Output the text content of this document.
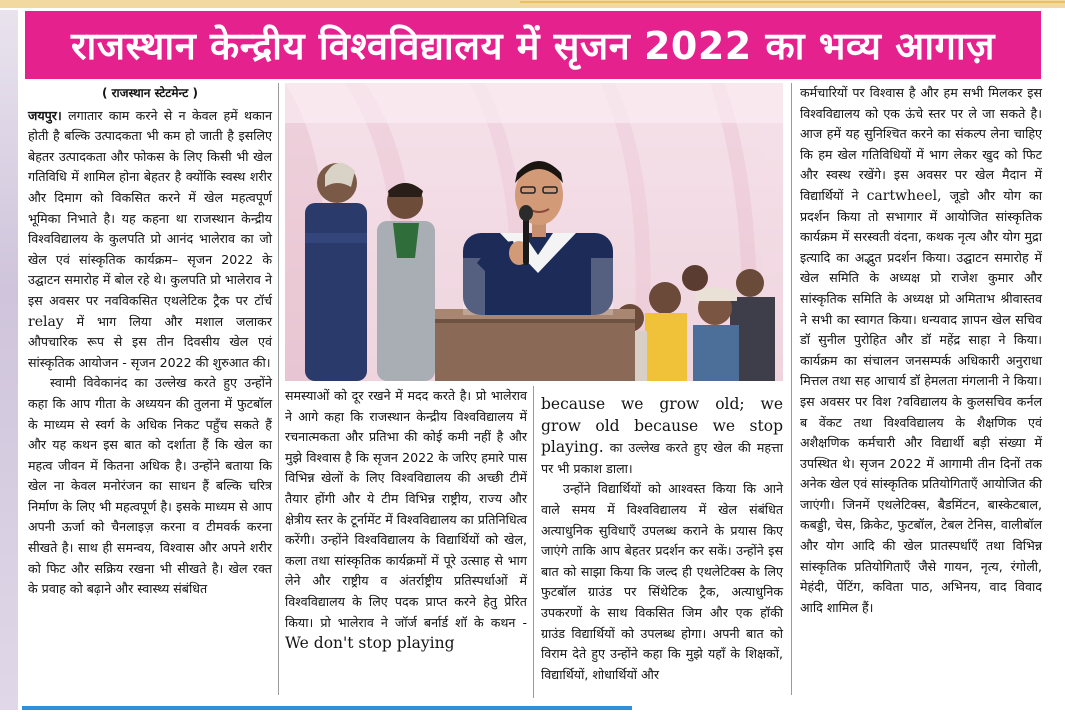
राजस्थान केन्द्रीय विश्वविद्यालय में सृजन 2022 का भव्य आगाज़
( राजस्थान स्टेटमेन्ट )

जयपुर। लगातार काम करने से न केवल हमें थकान होती है बल्कि उत्पादकता भी कम हो जाती है इसलिए बेहतर उत्पादकता और फोकस के लिए किसी भी खेल गतिविधि में शामिल होना बेहतर है क्योंकि स्वस्थ शरीर और दिमाग को विकसित करने में खेल महत्वपूर्ण भूमिका निभाते है। यह कहना था राजस्थान केन्द्रीय विश्वविद्यालय के कुलपति प्रो आनंद भालेराव का जो खेल एवं सांस्कृतिक कार्यक्रम– सृजन 2022 के उद्घाटन समारोह में बोल रहे थे। कुलपति प्रो भालेराव ने इस अवसर पर नवविकसित एथलेटिक ट्रैक पर टॉर्च relay में भाग लिया और मशाल जलाकर औपचारिक रूप से इस तीन दिवसीय खेल एवं सांस्कृतिक आयोजन - सृजन 2022 की शुरुआत की।

स्वामी विवेकानंद का उल्लेख करते हुए उन्होंने कहा कि आप गीता के अध्ययन की तुलना में फुटबॉल के माध्यम से स्वर्ग के अधिक निकट पहुँच सकते हैं और यह कथन इस बात को दर्शाता हैं कि खेल का महत्व जीवन में कितना अधिक है। उन्होंने बताया कि खेल ना केवल मनोरंजन का साधन हैं बल्कि चरित्र निर्माण के लिए भी महत्वपूर्ण है। इसके माध्यम से आप अपनी ऊर्जा को चैनलाइज़ करना व टीमवर्क करना सीखते है। साथ ही समन्वय, विश्वास और अपने शरीर को फिट और सक्रिय रखना भी सीखते है। खेल रक्त के प्रवाह को बढ़ाने और स्वास्थ्य संबंधित

समस्याओं को दूर रखने में मदद करते है। प्रो भालेराव ने आगे कहा कि राजस्थान केन्द्रीय विश्वविद्यालय में रचनात्मकता और प्रतिभा की कोई कमी नहीं है और मुझे विश्वास है कि सृजन 2022 के जरिए हमारे पास विभिन्न खेलों के लिए विश्वविद्यालय की अच्छी टीमें तैयार होंगी और ये टीम विभिन्न राष्ट्रीय, राज्य और क्षेत्रीय स्तर के टूर्नामेंट में विश्वविद्यालय का प्रतिनिधित्व करेंगी। उन्होंने विश्वविद्यालय के विद्यार्थियों को खेल, कला तथा सांस्कृतिक कार्यक्रमों में पूरे उत्साह से भाग लेने और राष्ट्रीय व अंतर्राष्ट्रीय प्रतिस्पर्धाओं में विश्वविद्यालय के लिए पदक प्राप्त करने हेतु प्रेरित किया। प्रो भालेराव ने जॉर्ज बर्नार्ड शॉ के कथन - We don't stop playing

because we grow old; we grow old because we stop playing. का उल्लेख करते हुए खेल की महत्ता पर भी प्रकाश डाला।

उन्होंने विद्यार्थियों को आश्वस्त किया कि आने वाले समय में विश्वविद्यालय में खेल संबंधित अत्याधुनिक सुविधाएँ उपलब्ध कराने के प्रयास किए जाएंगे ताकि आप बेहतर प्रदर्शन कर सकें। उन्होंने इस बात को साझा किया कि जल्द ही एथलेटिक्स के लिए फुटबॉल ग्राउंड पर सिंथेटिक ट्रैक, अत्याधुनिक उपकरणों के साथ विकसित जिम और एक हॉकी ग्राउंड विद्यार्थियों को उपलब्ध होगा। अपनी बात को विराम देते हुए उन्होंने कहा कि मुझे यहाँ के शिक्षकों, विद्यार्थियों, शोधार्थियों और

कर्मचारियों पर विश्वास है और हम सभी मिलकर इस विश्वविद्यालय को एक ऊंचे स्तर पर ले जा सकते है। आज हमें यह सुनिश्चित करने का संकल्प लेना चाहिए कि हम खेल गतिविधियों में भाग लेकर खुद को फिट और स्वस्थ रखेंगे। इस अवसर पर खेल मैदान में विद्यार्थियों ने cartwheel, जूडो और योग का प्रदर्शन किया तो सभागार में आयोजित सांस्कृतिक कार्यक्रम में सरस्वती वंदना, कथक नृत्य और योग मुद्रा इत्यादि का अद्भुत प्रदर्शन किया। उद्घाटन समारोह में खेल समिति के अध्यक्ष प्रो राजेश कुमार और सांस्कृतिक समिति के अध्यक्ष प्रो अमिताभ श्रीवास्तव ने सभी का स्वागत किया। धन्यवाद ज्ञापन खेल सचिव डॉ सुनील पुरोहित और डॉ महेंद्र साहा ने किया। कार्यक्रम का संचालन जनसम्पर्क अधिकारी अनुराधा मित्तल तथा सह आचार्य डॉ हेमलता मंगलानी ने किया। इस अवसर पर विश ?वविद्यालय के कुलसचिव कर्नल ब वेंकट तथा विश्वविद्यालय के शैक्षणिक एवं अशैक्षणिक कर्मचारी और विद्यार्थी बड़ी संख्या में उपस्थित थे। सृजन 2022 में आगामी तीन दिनों तक अनेक खेल एवं सांस्कृतिक प्रतियोगिताएँ आयोजित की जाएंगी। जिनमें एथलेटिक्स, बैडमिंटन, बास्केटबाल, कबड्डी, चेस, क्रिकेट, फुटबॉल, टेबल टेनिस, वालीबॉल और योग आदि की खेल प्रातस्पर्धाएँ तथा विभिन्न सांस्कृतिक प्रतियोगिताएँ जैसे गायन, नृत्य, रंगोली, मेहंदी, पेंटिंग, कविता पाठ, अभिनय, वाद विवाद आदि शामिल हैं।
